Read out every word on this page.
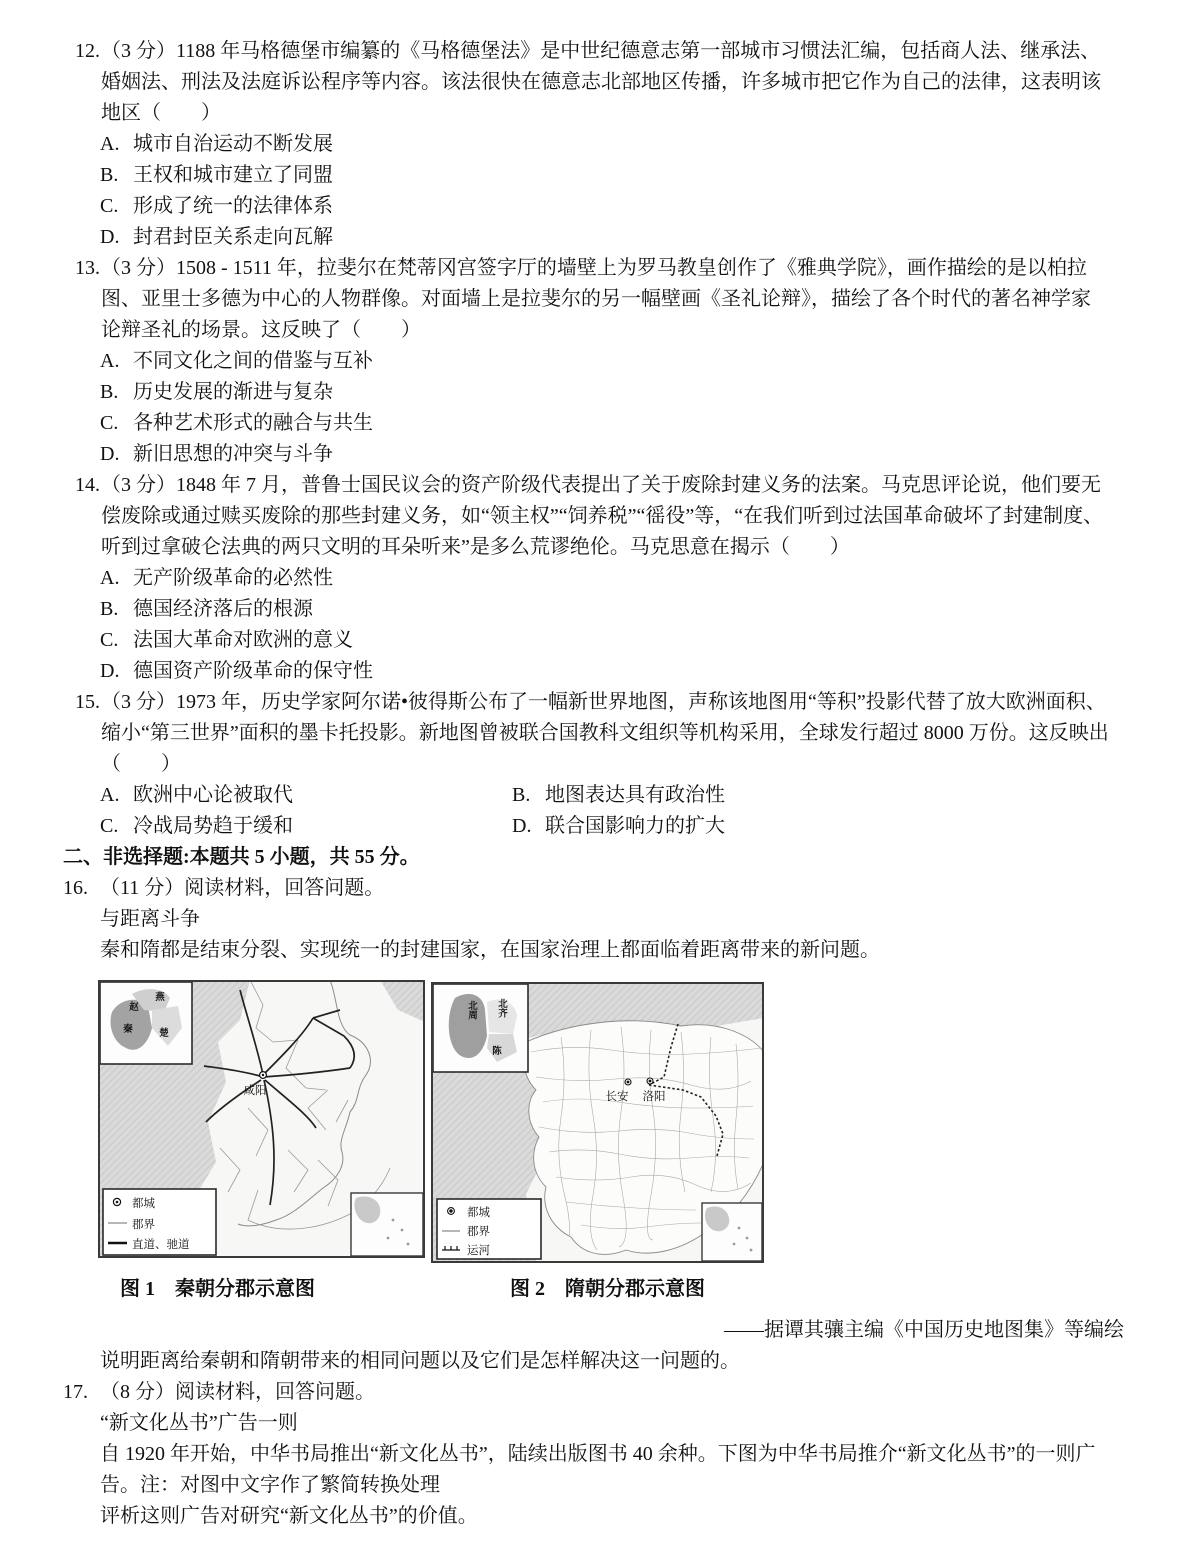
12. （3 分）1188 年马格德堡市编纂的《马格德堡法》是中世纪德意志第一部城市习惯法汇编，包括商人法、继承法、婚姻法、刑法及法庭诉讼程序等内容。该法很快在德意志北部地区传播，许多城市把它作为自己的法律，这表明该地区（　　）
A. 城市自治运动不断发展
B. 王权和城市建立了同盟
C. 形成了统一的法律体系
D. 封君封臣关系走向瓦解
13. （3 分）1508 - 1511 年，拉斐尔在梵蒂冈宫签字厅的墙壁上为罗马教皇创作了《雅典学院》，画作描绘的是以柏拉图、亚里士多德为中心的人物群像。对面墙上是拉斐尔的另一幅壁画《圣礼论辩》，描绘了各个时代的著名神学家论辩圣礼的场景。这反映了（　　）
A. 不同文化之间的借鉴与互补
B. 历史发展的渐进与复杂
C. 各种艺术形式的融合与共生
D. 新旧思想的冲突与斗争
14. （3 分）1848 年 7 月，普鲁士国民议会的资产阶级代表提出了关于废除封建义务的法案。马克思评论说，他们要无偿废除或通过赎买废除的那些封建义务，如“领主权”“饲养税”“徭役”等，“在我们听到过法国革命破坏了封建制度、听到过拿破仑法典的两只文明的耳朵听来”是多么荒谬绝伦。马克思意在揭示（　　）
A. 无产阶级革命的必然性
B. 德国经济落后的根源
C. 法国大革命对欧洲的意义
D. 德国资产阶级革命的保守性
15. （3 分）1973 年，历史学家阿尔诺•彼得斯公布了一幅新世界地图，声称该地图用“等积”投影代替了放大欧洲面积、缩小“第三世界”面积的墨卡托投影。新地图曾被联合国教科文组织等机构采用，全球发行超过 8000 万份。这反映出（　　）
A. 欧洲中心论被取代	B. 地图表达具有政治性
C. 冷战局势趋于缓和	D. 联合国影响力的扩大
二、非选择题:本题共 5 小题，共 55 分。
16. （11 分）阅读材料，回答问题。
与距离斗争
秦和隋都是结束分裂、实现统一的封建国家，在国家治理上都面临着距离带来的新问题。
咸阳
燕
赵
秦	楚
都城
郡界
直道、驰道
长安 洛阳
北周 北齐
陈
都城
郡界
运河
图 1　秦朝分郡示意图	图 2　隋朝分郡示意图
——据谭其骧主编《中国历史地图集》等编绘
说明距离给秦朝和隋朝带来的相同问题以及它们是怎样解决这一问题的。
17. （8 分）阅读材料，回答问题。
“新文化丛书”广告一则
自 1920 年开始，中华书局推出“新文化丛书”，陆续出版图书 40 余种。下图为中华书局推介“新文化丛书”的一则广告。注：对图中文字作了繁简转换处理
评析这则广告对研究“新文化丛书”的价值。
